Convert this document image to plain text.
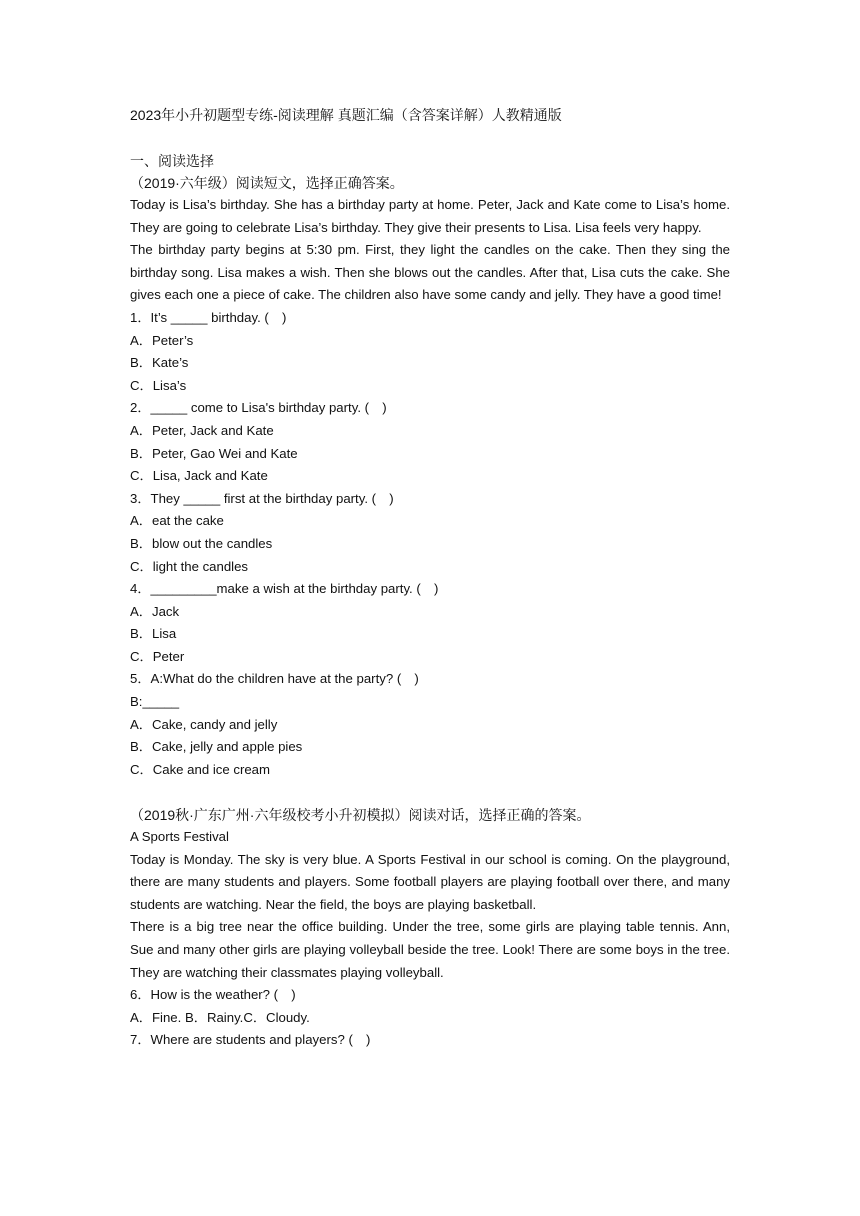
2023年小升初题型专练-阅读理解 真题汇编（含答案详解）人教精通版

一、阅读选择

（2019·六年级）阅读短文，选择正确答案。

Today is Lisa’s birthday. She has a birthday party at home. Peter, Jack and Kate come to Lisa’s home. They are going to celebrate Lisa’s birthday. They give their presents to Lisa. Lisa feels very happy.

The birthday party begins at 5:30 pm. First, they light the candles on the cake. Then they sing the birthday song. Lisa makes a wish. Then she blows out the candles. After that, Lisa cuts the cake. She gives each one a piece of cake. The children also have some candy and jelly. They have a good time!

1．It’s _____ birthday. (　)

A．Peter’s

B．Kate’s

C．Lisa’s

2．_____ come to Lisa's birthday party. (　)

A．Peter, Jack and Kate

B．Peter, Gao Wei and Kate

C．Lisa, Jack and Kate

3．They _____ first at the birthday party. (　)

A．eat the cake

B．blow out the candles

C．light the candles

4．_________make a wish at the birthday party. (　)

A．Jack

B．Lisa

C．Peter

5．A:What do the children have at the party? (　)

B:_____

A．Cake, candy and jelly

B．Cake, jelly and apple pies

C．Cake and ice cream

（2019秋·广东广州·六年级校考小升初模拟）阅读对话，选择正确的答案。

A Sports Festival

Today is Monday. The sky is very blue. A Sports Festival in our school is coming. On the playground, there are many students and players. Some football players are playing football over there, and many students are watching. Near the field, the boys are playing basketball.

There is a big tree near the office building. Under the tree, some girls are playing table tennis. Ann, Sue and many other girls are playing volleyball beside the tree. Look! There are some boys in the tree. They are watching their classmates playing volleyball.

6．How is the weather? (　)

A．Fine. B．Rainy.C．Cloudy.

7．Where are students and players? (　)
